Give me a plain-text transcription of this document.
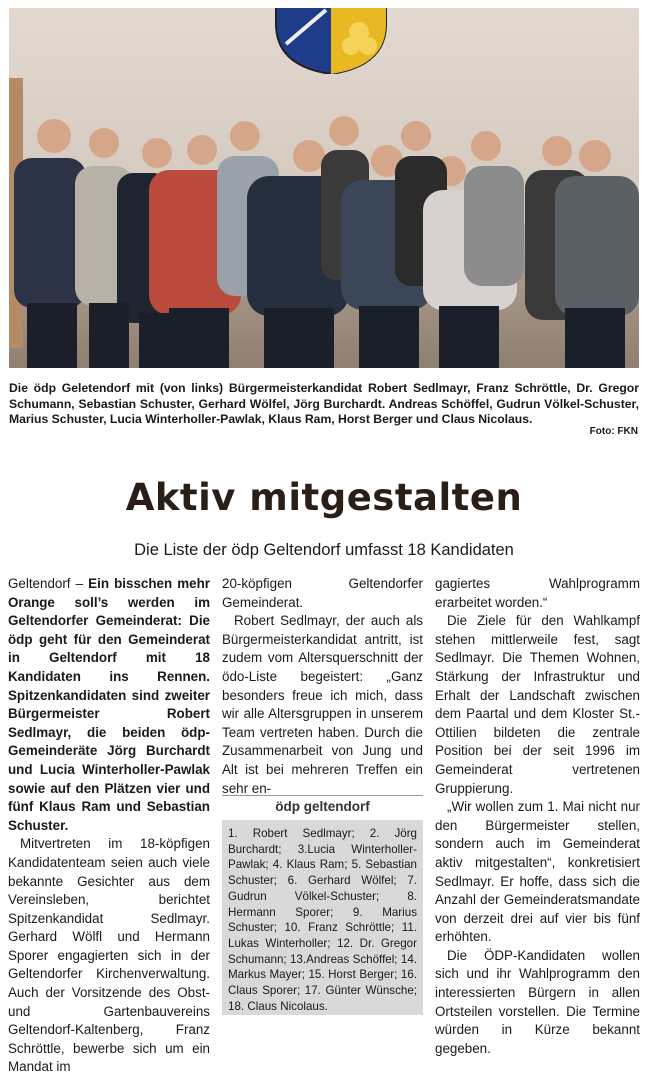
Die ödp Geletendorf mit (von links) Bürgermeisterkandidat Robert Sedlmayr, Franz Schröttle, Dr. Gregor Schumann, Sebastian Schuster, Gerhard Wölfel, Jörg Burchardt. Andreas Schöffel, Gudrun Völkel-Schuster, Marius Schuster, Lucia Winterholler-Pawlak, Klaus Ram, Horst Berger und Claus Nicolaus.
Foto: FKN
Aktiv mitgestalten
Die Liste der ödp Geltendorf umfasst 18 Kandidaten

Geltendorf – Ein bisschen mehr Orange soll’s werden im Geltendorfer Gemeinderat: Die ödp geht für den Gemeinderat in Geltendorf mit 18 Kandidaten ins Rennen. Spitzenkandidaten sind zweiter Bürgermeister Robert Sedlmayr, die beiden ödp-Gemeinderäte Jörg Burchardt und Lucia Winterholler-Pawlak sowie auf den Plätzen vier und fünf Klaus Ram und Sebastian Schuster.

Mitvertreten im 18-köpfigen Kandidatenteam seien auch viele bekannte Gesichter aus dem Vereinsleben, berichtet Spitzenkandidat Sedlmayr. Gerhard Wölfl und Hermann Sporer engagierten sich in der Geltendorfer Kirchenverwaltung. Auch der Vorsitzende des Obst- und Gartenbauvereins Geltendorf-Kaltenberg, Franz Schröttle, bewerbe sich um ein Mandat im

20-köpfigen Geltendorfer Gemeinderat.

Robert Sedlmayr, der auch als Bürgermeisterkandidat antritt, ist zudem vom Altersquerschnitt der ödo-Liste begeistert: „Ganz besonders freue ich mich, dass wir alle Altersgruppen in unserem Team vertreten haben. Durch die Zusammenarbeit von Jung und Alt ist bei mehreren Treffen ein sehr en-

ödp geltendorf
1. Robert Sedlmayr; 2. Jörg Burchardt; 3.Lucia Winterholler-Pawlak; 4. Klaus Ram; 5. Sebastian Schuster; 6. Gerhard Wölfel; 7. Gudrun Völkel-Schuster; 8. Hermann Sporer; 9. Marius Schuster; 10. Franz Schröttle; 11. Lukas Winterholler; 12. Dr. Gregor Schumann; 13.Andreas Schöffel; 14. Markus Mayer; 15. Horst Berger; 16. Claus Sporer; 17. Günter Wünsche; 18. Claus Nicolaus.

gagiertes Wahlprogramm erarbeitet worden.“

Die Ziele für den Wahlkampf stehen mittlerweile fest, sagt Sedlmayr. Die Themen Wohnen, Stärkung der Infrastruktur und Erhalt der Landschaft zwischen dem Paartal und dem Kloster St.-Ottilien bildeten die zentrale Position bei der seit 1996 im Gemeinderat vertretenen Gruppierung.

„Wir wollen zum 1. Mai nicht nur den Bürgermeister stellen, sondern auch im Gemeinderat aktiv mitgestalten“, konkretisiert Sedlmayr. Er hoffe, dass sich die Anzahl der Gemeinderatsmandate von derzeit drei auf vier bis fünf erhöhten.

Die ÖDP-Kandidaten wollen sich und ihr Wahlprogramm den interessierten Bürgern in allen Ortsteilen vorstellen. Die Termine würden in Kürze bekannt gegeben.
